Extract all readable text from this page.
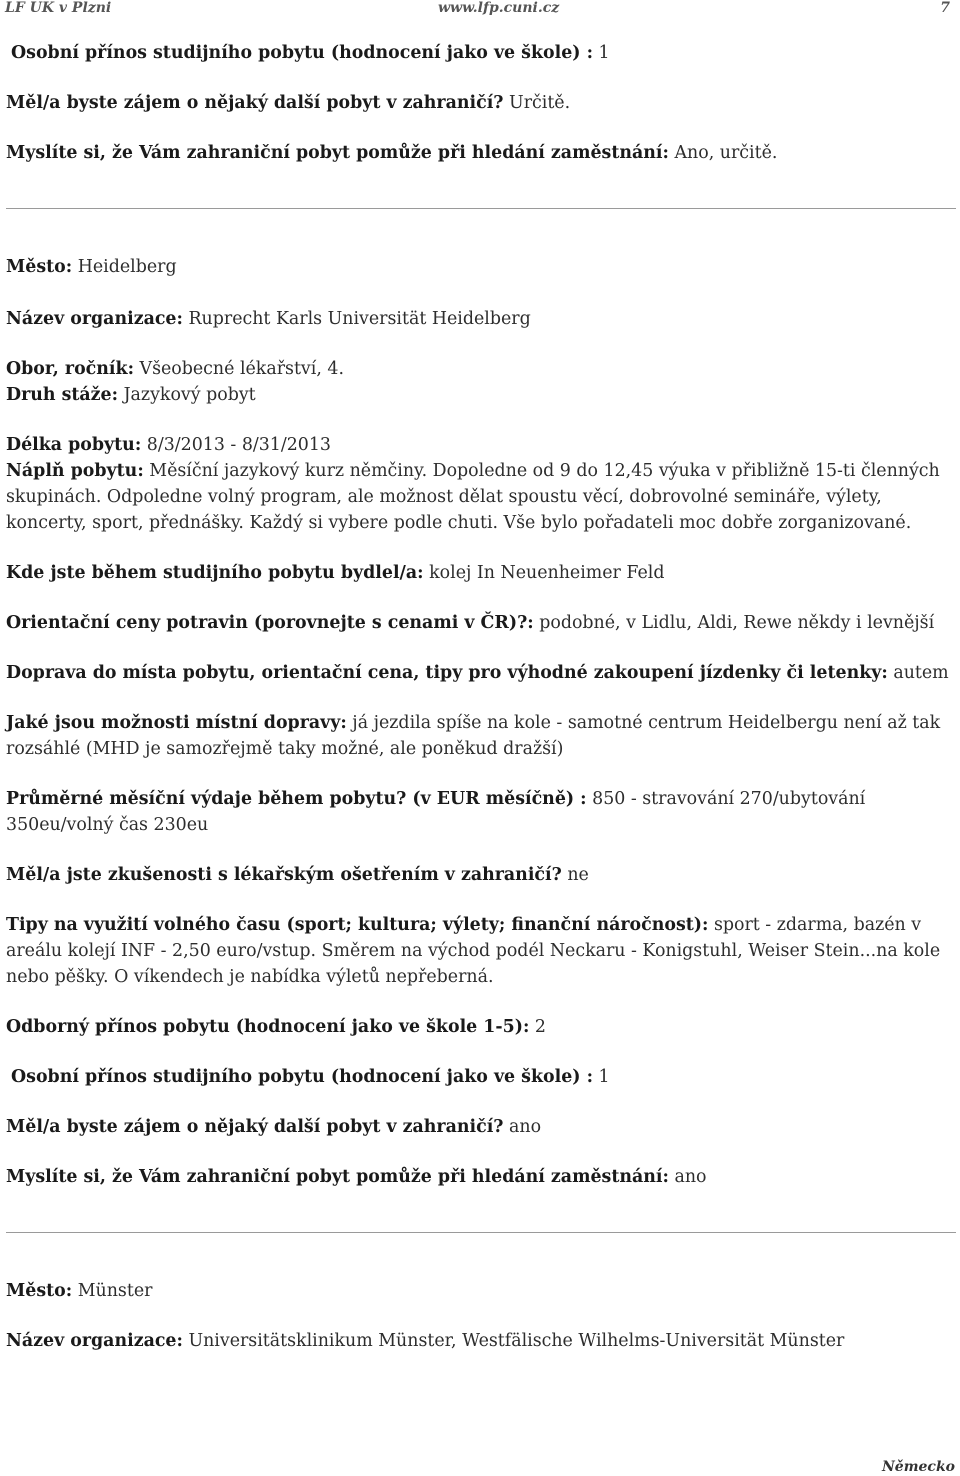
LF UK v Plzni	www.lfp.cuni.cz	7

Osobní přínos studijního pobytu (hodnocení jako ve škole) : 1

Měl/a byste zájem o nějaký další pobyt v zahraničí? Určitě.

Myslíte si, že Vám zahraniční pobyt pomůže při hledání zaměstnání: Ano, určitě.

Město: Heidelberg

Název organizace: Ruprecht Karls Universität Heidelberg

Obor, ročník: Všeobecné lékařství, 4.

Druh stáže: Jazykový pobyt

Délka pobytu: 8/3/2013 - 8/31/2013

Náplň pobytu: Měsíční jazykový kurz němčiny. Dopoledne od 9 do 12,45 výuka v přibližně 15-ti členných skupinách. Odpoledne volný program, ale možnost dělat spoustu věcí, dobrovolné semináře, výlety, koncerty, sport, přednášky. Každý si vybere podle chuti. Vše bylo pořadateli moc dobře zorganizované.

Kde jste během studijního pobytu bydlel/a: kolej In Neuenheimer Feld

Orientační ceny potravin (porovnejte s cenami v ČR)?: podobné, v Lidlu, Aldi, Rewe někdy i levnější

Doprava do místa pobytu, orientační cena, tipy pro výhodné zakoupení jízdenky či letenky: autem

Jaké jsou možnosti místní dopravy: já jezdila spíše na kole - samotné centrum Heidelbergu není až tak rozsáhlé (MHD je samozřejmě taky možné, ale poněkud dražší)

Průměrné měsíční výdaje během pobytu? (v EUR měsíčně) : 850 - stravování 270/ubytování 350eu/volný čas 230eu

Měl/a jste zkušenosti s lékařským ošetřením v zahraničí? ne

Tipy na využití volného času (sport; kultura; výlety; finanční náročnost): sport - zdarma, bazén v areálu kolejí INF - 2,50 euro/vstup. Směrem na východ podél Neckaru - Konigstuhl, Weiser Stein...na kole nebo pěšky. O víkendech je nabídka výletů nepřeberná.

Odborný přínos pobytu (hodnocení jako ve škole 1-5): 2

Osobní přínos studijního pobytu (hodnocení jako ve škole) : 1

Měl/a byste zájem o nějaký další pobyt v zahraničí? ano

Myslíte si, že Vám zahraniční pobyt pomůže při hledání zaměstnání: ano

Město: Münster

Název organizace: Universitätsklinikum Münster, Westfälische Wilhelms-Universität Münster

Německo
